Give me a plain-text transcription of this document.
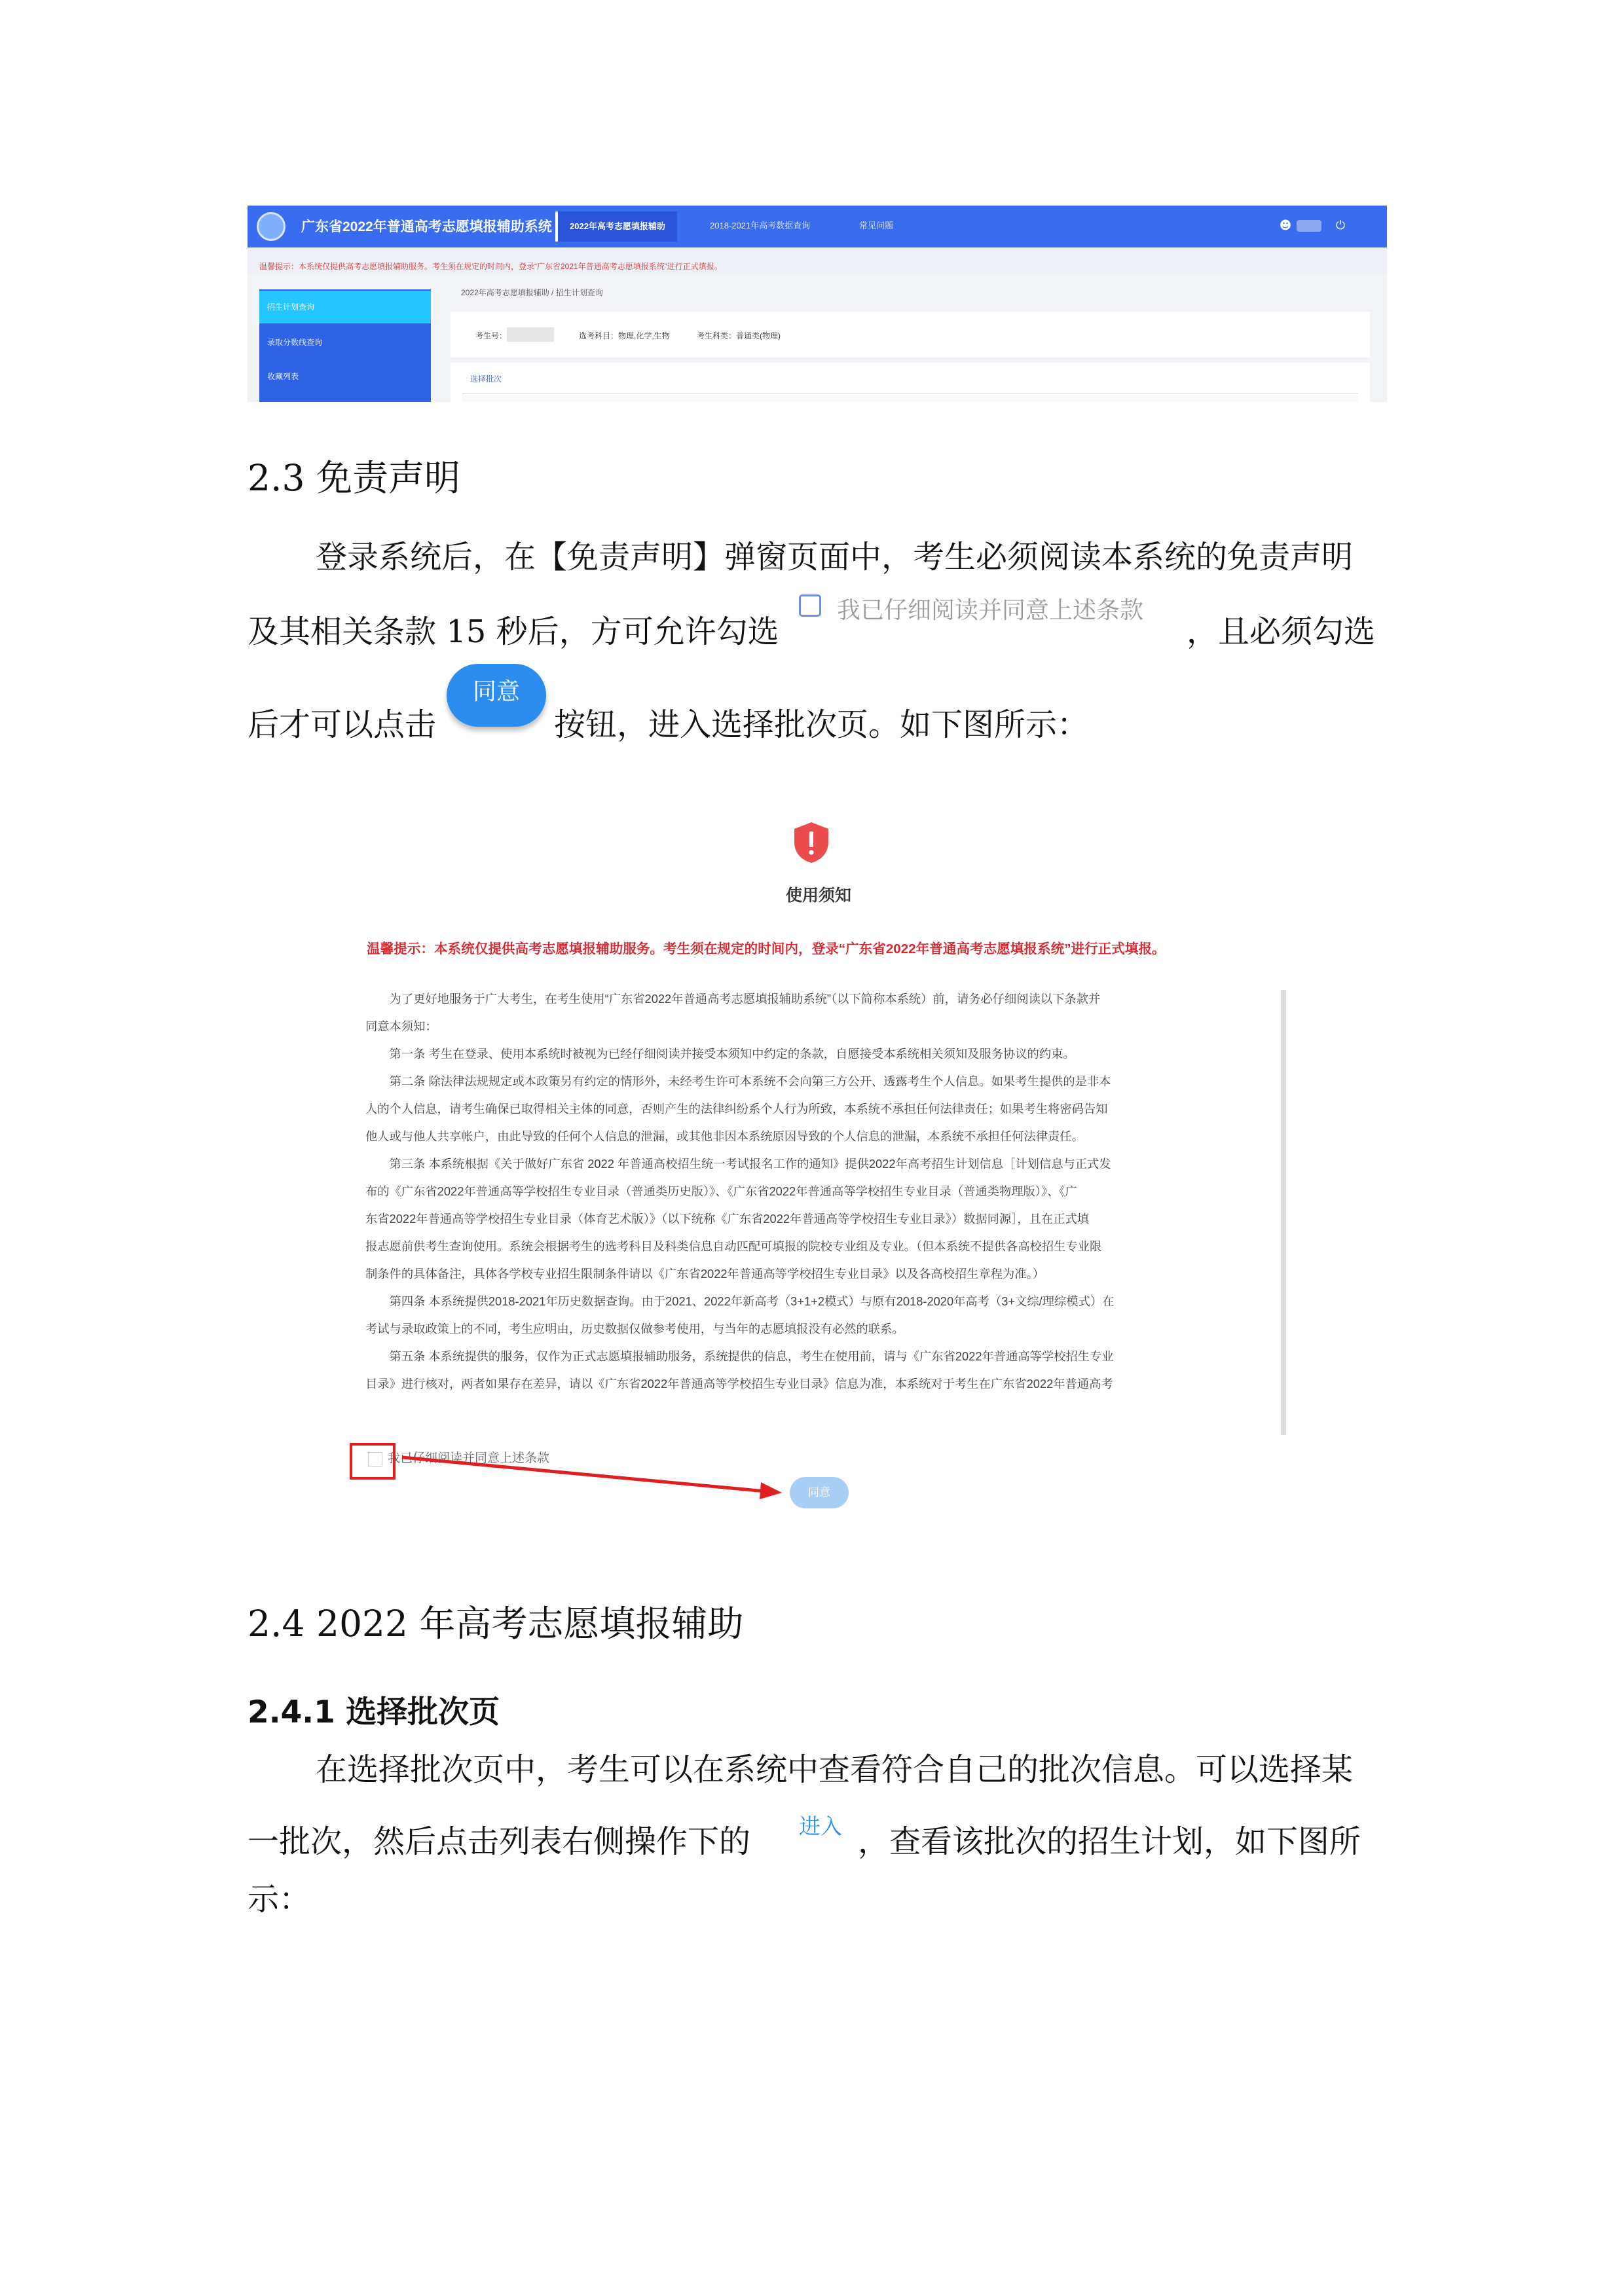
广东省2022年普通高考志愿填报辅助系统	2022年高考志愿填报辅助	2018-2021年高考数据查询	常见问题	☻	⏻
温馨提示：本系统仅提供高考志愿填报辅助服务。考生须在规定的时间内，登录“广东省2021年普通高考志愿填报系统”进行正式填报。
2022年高考志愿填报辅助 / 招生计划查询
招生计划查询
录取分数线查询
收藏列表
考生号：	选考科目：物理,化学,生物	考生科类：普通类(物理)
选择批次
2.3 免责声明
登录系统后，在【免责声明】弹窗页面中，考生必须阅读本系统的免责声明
及其相关条款 15 秒后，方可允许勾选
我已仔细阅读并同意上述条款
，且必须勾选
后才可以点击
同意
按钮，进入选择批次页。如下图所示：
使用须知
温馨提示：本系统仅提供高考志愿填报辅助服务。考生须在规定的时间内，登录“广东省2022年普通高考志愿填报系统”进行正式填报。
　　为了更好地服务于广大考生，在考生使用“广东省2022年普通高考志愿填报辅助系统”（以下简称本系统）前，请务必仔细阅读以下条款并
同意本须知：
　　第一条 考生在登录、使用本系统时被视为已经仔细阅读并接受本须知中约定的条款，自愿接受本系统相关须知及服务协议的约束。
　　第二条 除法律法规规定或本政策另有约定的情形外，未经考生许可本系统不会向第三方公开、透露考生个人信息。如果考生提供的是非本
人的个人信息，请考生确保已取得相关主体的同意，否则产生的法律纠纷系个人行为所致，本系统不承担任何法律责任；如果考生将密码告知
他人或与他人共享帐户，由此导致的任何个人信息的泄漏，或其他非因本系统原因导致的个人信息的泄漏，本系统不承担任何法律责任。
　　第三条 本系统根据《关于做好广东省 2022 年普通高校招生统一考试报名工作的通知》提供2022年高考招生计划信息［计划信息与正式发
布的《广东省2022年普通高等学校招生专业目录（普通类历史版）》、《广东省2022年普通高等学校招生专业目录（普通类物理版）》、《广
东省2022年普通高等学校招生专业目录（体育艺术版）》（以下统称《广东省2022年普通高等学校招生专业目录》）数据同源］，且在正式填
报志愿前供考生查询使用。系统会根据考生的选考科目及科类信息自动匹配可填报的院校专业组及专业。（但本系统不提供各高校招生专业限
制条件的具体备注，具体各学校专业招生限制条件请以《广东省2022年普通高等学校招生专业目录》以及各高校招生章程为准。）
　　第四条 本系统提供2018-2021年历史数据查询。由于2021、2022年新高考（3+1+2模式）与原有2018-2020年高考（3+文综/理综模式）在
考试与录取政策上的不同，考生应明由，历史数据仅做参考使用，与当年的志愿填报没有必然的联系。
　　第五条 本系统提供的服务，仅作为正式志愿填报辅助服务，系统提供的信息，考生在使用前，请与《广东省2022年普通高等学校招生专业
目录》进行核对，两者如果存在差异，请以《广东省2022年普通高等学校招生专业目录》信息为准，本系统对于考生在广东省2022年普通高考
我已仔细阅读并同意上述条款
同意
2.4 2022 年高考志愿填报辅助
2.4.1 选择批次页
在选择批次页中，考生可以在系统中查看符合自己的批次信息。可以选择某
一批次，然后点击列表右侧操作下的 进入 ，查看该批次的招生计划，如下图所
示：
